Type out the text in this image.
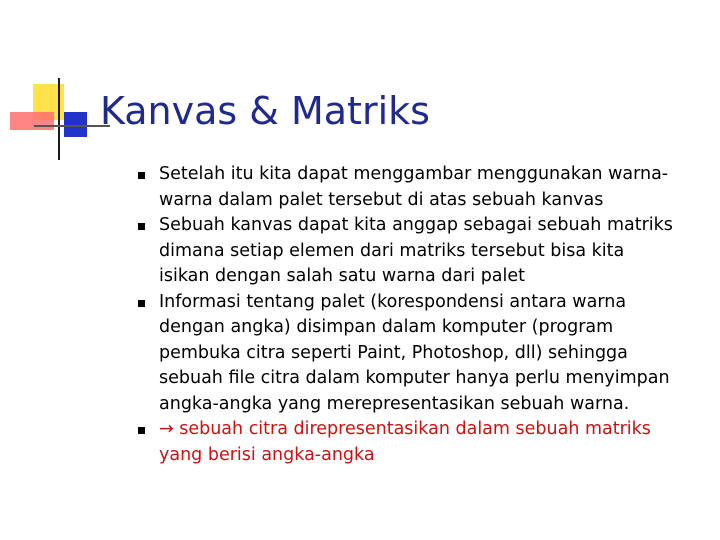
Kanvas & Matriks
Setelah itu kita dapat menggambar menggunakan warna-warna dalam palet tersebut di atas sebuah kanvas
Sebuah kanvas dapat kita anggap sebagai sebuah matriks dimana setiap elemen dari matriks tersebut bisa kita isikan dengan salah satu warna dari palet
Informasi tentang palet (korespondensi antara warna dengan angka) disimpan dalam komputer (program pembuka citra seperti Paint, Photoshop, dll) sehingga sebuah file citra dalam komputer hanya perlu menyimpan angka-angka yang merepresentasikan sebuah warna.
→ sebuah citra direpresentasikan dalam sebuah matriks yang berisi angka-angka
